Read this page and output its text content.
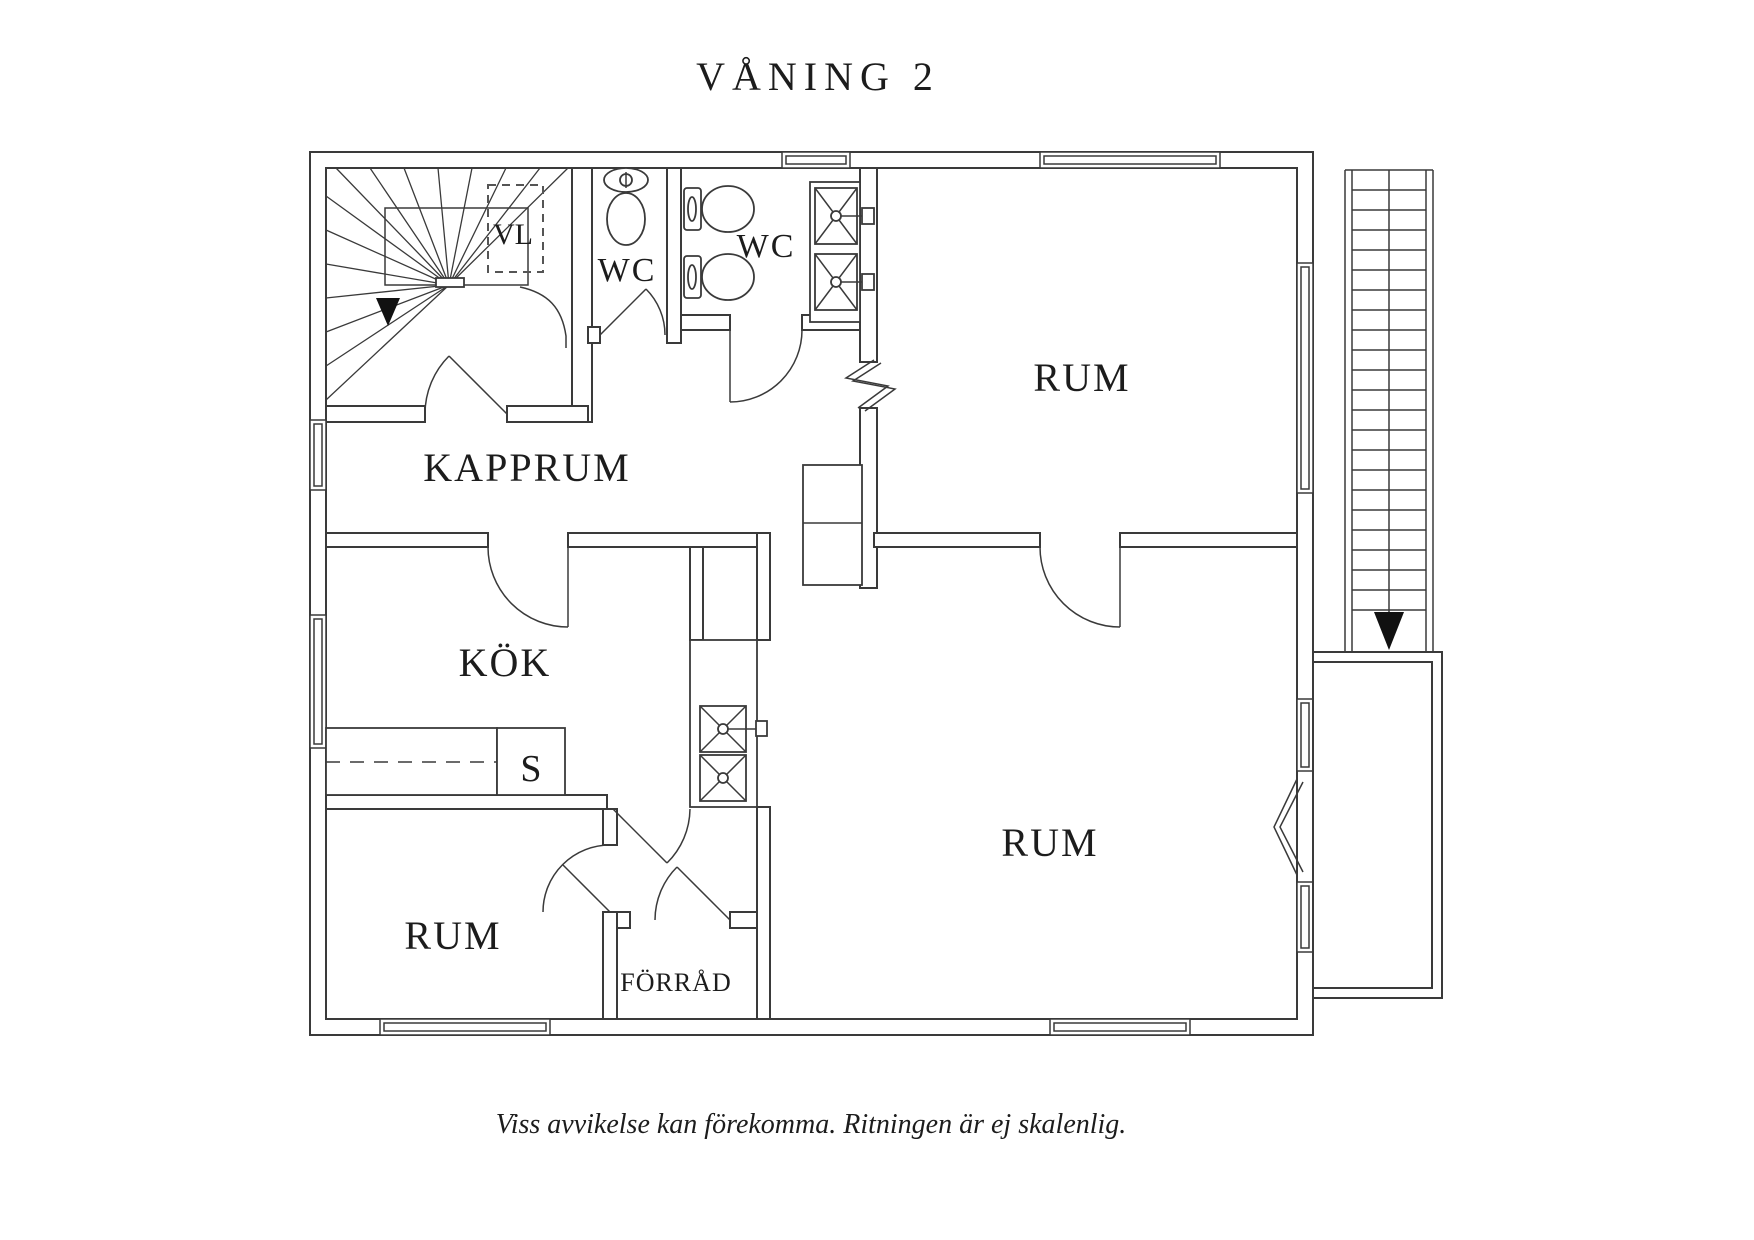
VÅNING 2
VL
WC
WC
KAPPRUM
RUM
KÖK
S
RUM
FÖRRÅD
RUM
Viss avvikelse kan förekomma. Ritningen är ej skalenlig.
